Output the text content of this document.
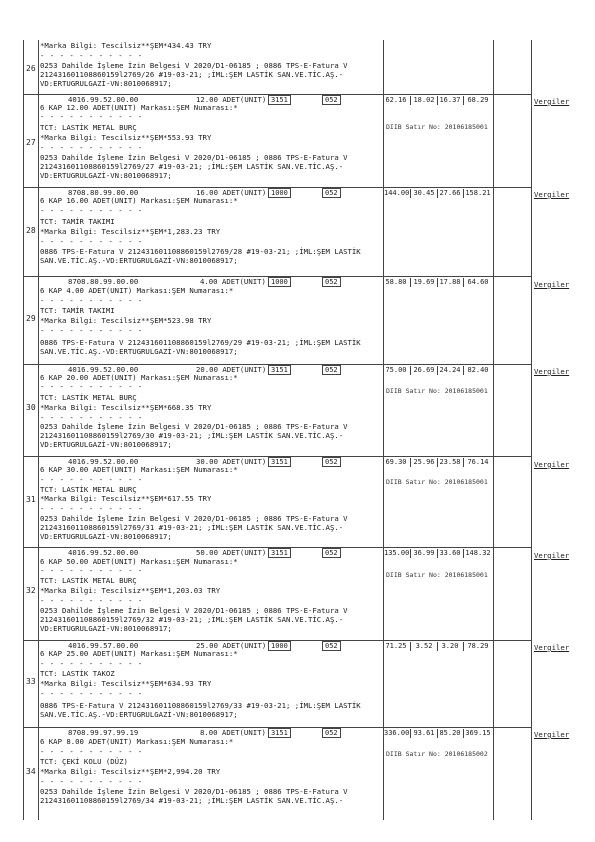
*Marka Bilgi: Tescilsiz**ŞEM*434.43 TRY
- - - - - - - - - - -
26 0253 Dahilde İşleme İzin Belgesi V 2020/D1-06185 ; 0886 TPS-E-Fatura V
212431601108860159l2769/26 #19-03-21; ;İML:ŞEM LASTİK SAN.VE.TİC.AŞ.-
VD:ERTUGRULGAZİ-VN:8010068917;
4016.99.52.00.00	12.00 ADET(UNIT) 3151	052	62.16 18.02 16.37 68.29	Vergiler
6 KAP 12.00 ADET(UNIT) Markası:ŞEM Numarası:*
- - - - - - - - - - -
DIIB Satır No: 20106185001
TCT: LASTİK METAL BURÇ
27
*Marka Bilgi: Tescilsiz**ŞEM*553.93 TRY
- - - - - - - - - - -
0253 Dahilde İşleme İzin Belgesi V 2020/D1-06185 ; 0886 TPS-E-Fatura V
212431601108860159l2769/27 #19-03-21; ;İML:ŞEM LASTİK SAN.VE.TİC.AŞ.-
VD:ERTUGRULGAZİ-VN:8010068917;
8708.80.99.00.00	16.00 ADET(UNIT) 1000	052	144.00 30.45 27.66 158.21	Vergiler
6 KAP 16.00 ADET(UNIT) Markası:ŞEM Numarası:*
- - - - - - - - - - -
TCT: TAMİR TAKIMI
28 *Marka Bilgi: Tescilsiz**ŞEM*1,283.23 TRY
- - - - - - - - - - -
0886 TPS-E-Fatura V 212431601108860159l2769/28 #19-03-21; ;İML:ŞEM LASTİK
SAN.VE.TİC.AŞ.-VD:ERTUGRULGAZİ-VN:8010068917;
8708.80.99.00.00	4.00 ADET(UNIT) 1000	052	58.80 19.69 17.88 64.60	Vergiler
6 KAP 4.00 ADET(UNIT) Markası:ŞEM Numarası:*
- - - - - - - - - - -
TCT: TAMİR TAKIMI
29 *Marka Bilgi: Tescilsiz**ŞEM*523.98 TRY
- - - - - - - - - - -
0886 TPS-E-Fatura V 212431601108860159l2769/29 #19-03-21; ;İML:ŞEM LASTİK
SAN.VE.TİC.AŞ.-VD:ERTUGRULGAZİ-VN:8010068917;
4016.99.52.00.00	20.00 ADET(UNIT) 3151	052	75.00 26.69 24.24 82.40	Vergiler
6 KAP 20.00 ADET(UNIT) Markası:ŞEM Numarası:*
- - - - - - - - - - -	DIIB Satır No: 20106185001
TCT: LASTİK METAL BURÇ
30 *Marka Bilgi: Tescilsiz**ŞEM*668.35 TRY
- - - - - - - - - - -
0253 Dahilde İşleme İzin Belgesi V 2020/D1-06185 ; 0886 TPS-E-Fatura V
212431601108860159l2769/30 #19-03-21; ;İML:ŞEM LASTİK SAN.VE.TİC.AŞ.-
VD:ERTUGRULGAZİ-VN:8010068917;
4016.99.52.00.00	30.00 ADET(UNIT) 3151	052	69.30 25.96 23.58 76.14	Vergiler
6 KAP 30.00 ADET(UNIT) Markası:ŞEM Numarası:*
- - - - - - - - - - -	DIIB Satır No: 20106185001
TCT: LASTİK METAL BURÇ
31 *Marka Bilgi: Tescilsiz**ŞEM*617.55 TRY
- - - - - - - - - - -
0253 Dahilde İşleme İzin Belgesi V 2020/D1-06185 ; 0886 TPS-E-Fatura V
212431601108860159l2769/31 #19-03-21; ;İML:ŞEM LASTİK SAN.VE.TİC.AŞ.-
VD:ERTUGRULGAZİ-VN:8010068917;
4016.99.52.00.00	50.00 ADET(UNIT) 3151	052	135.00 36.99 33.60 148.32	Vergiler
6 KAP 50.00 ADET(UNIT) Markası:ŞEM Numarası:*
- - - - - - - - - - -	DIIB Satır No: 20106185001
TCT: LASTİK METAL BURÇ
32 *Marka Bilgi: Tescilsiz**ŞEM*1,203.03 TRY
- - - - - - - - - - -
0253 Dahilde İşleme İzin Belgesi V 2020/D1-06185 ; 0886 TPS-E-Fatura V
212431601108860159l2769/32 #19-03-21; ;İML:ŞEM LASTİK SAN.VE.TİC.AŞ.-
VD:ERTUGRULGAZİ-VN:8010068917;
4016.99.57.00.00	25.00 ADET(UNIT) 1000	052	71.25	3.52	3.20	78.29	Vergiler
6 KAP 25.00 ADET(UNIT) Markası:ŞEM Numarası:*
- - - - - - - - - - -
TCT: LASTİK TAKOZ
33 *Marka Bilgi: Tescilsiz**ŞEM*634.93 TRY
- - - - - - - - - - -
0886 TPS-E-Fatura V 212431601108860159l2769/33 #19-03-21; ;İML:ŞEM LASTİK
SAN.VE.TİC.AŞ.-VD:ERTUGRULGAZİ-VN:8010068917;
8708.99.97.99.19	8.00 ADET(UNIT) 3151	052	336.00 93.61 85.20 369.15	Vergiler
6 KAP 8.00 ADET(UNIT) Markası:ŞEM Numarası:*
- - - - - - - - - - -	DIIB Satır No: 20106185002
TCT: ÇEKİ KOLU (DÜZ)
34 *Marka Bilgi: Tescilsiz**ŞEM*2,994.20 TRY
- - - - - - - - - - -
0253 Dahilde İşleme İzin Belgesi V 2020/D1-06185 ; 0886 TPS-E-Fatura V
212431601108860159l2769/34 #19-03-21; ;İML:ŞEM LASTİK SAN.VE.TİC.AŞ.-
